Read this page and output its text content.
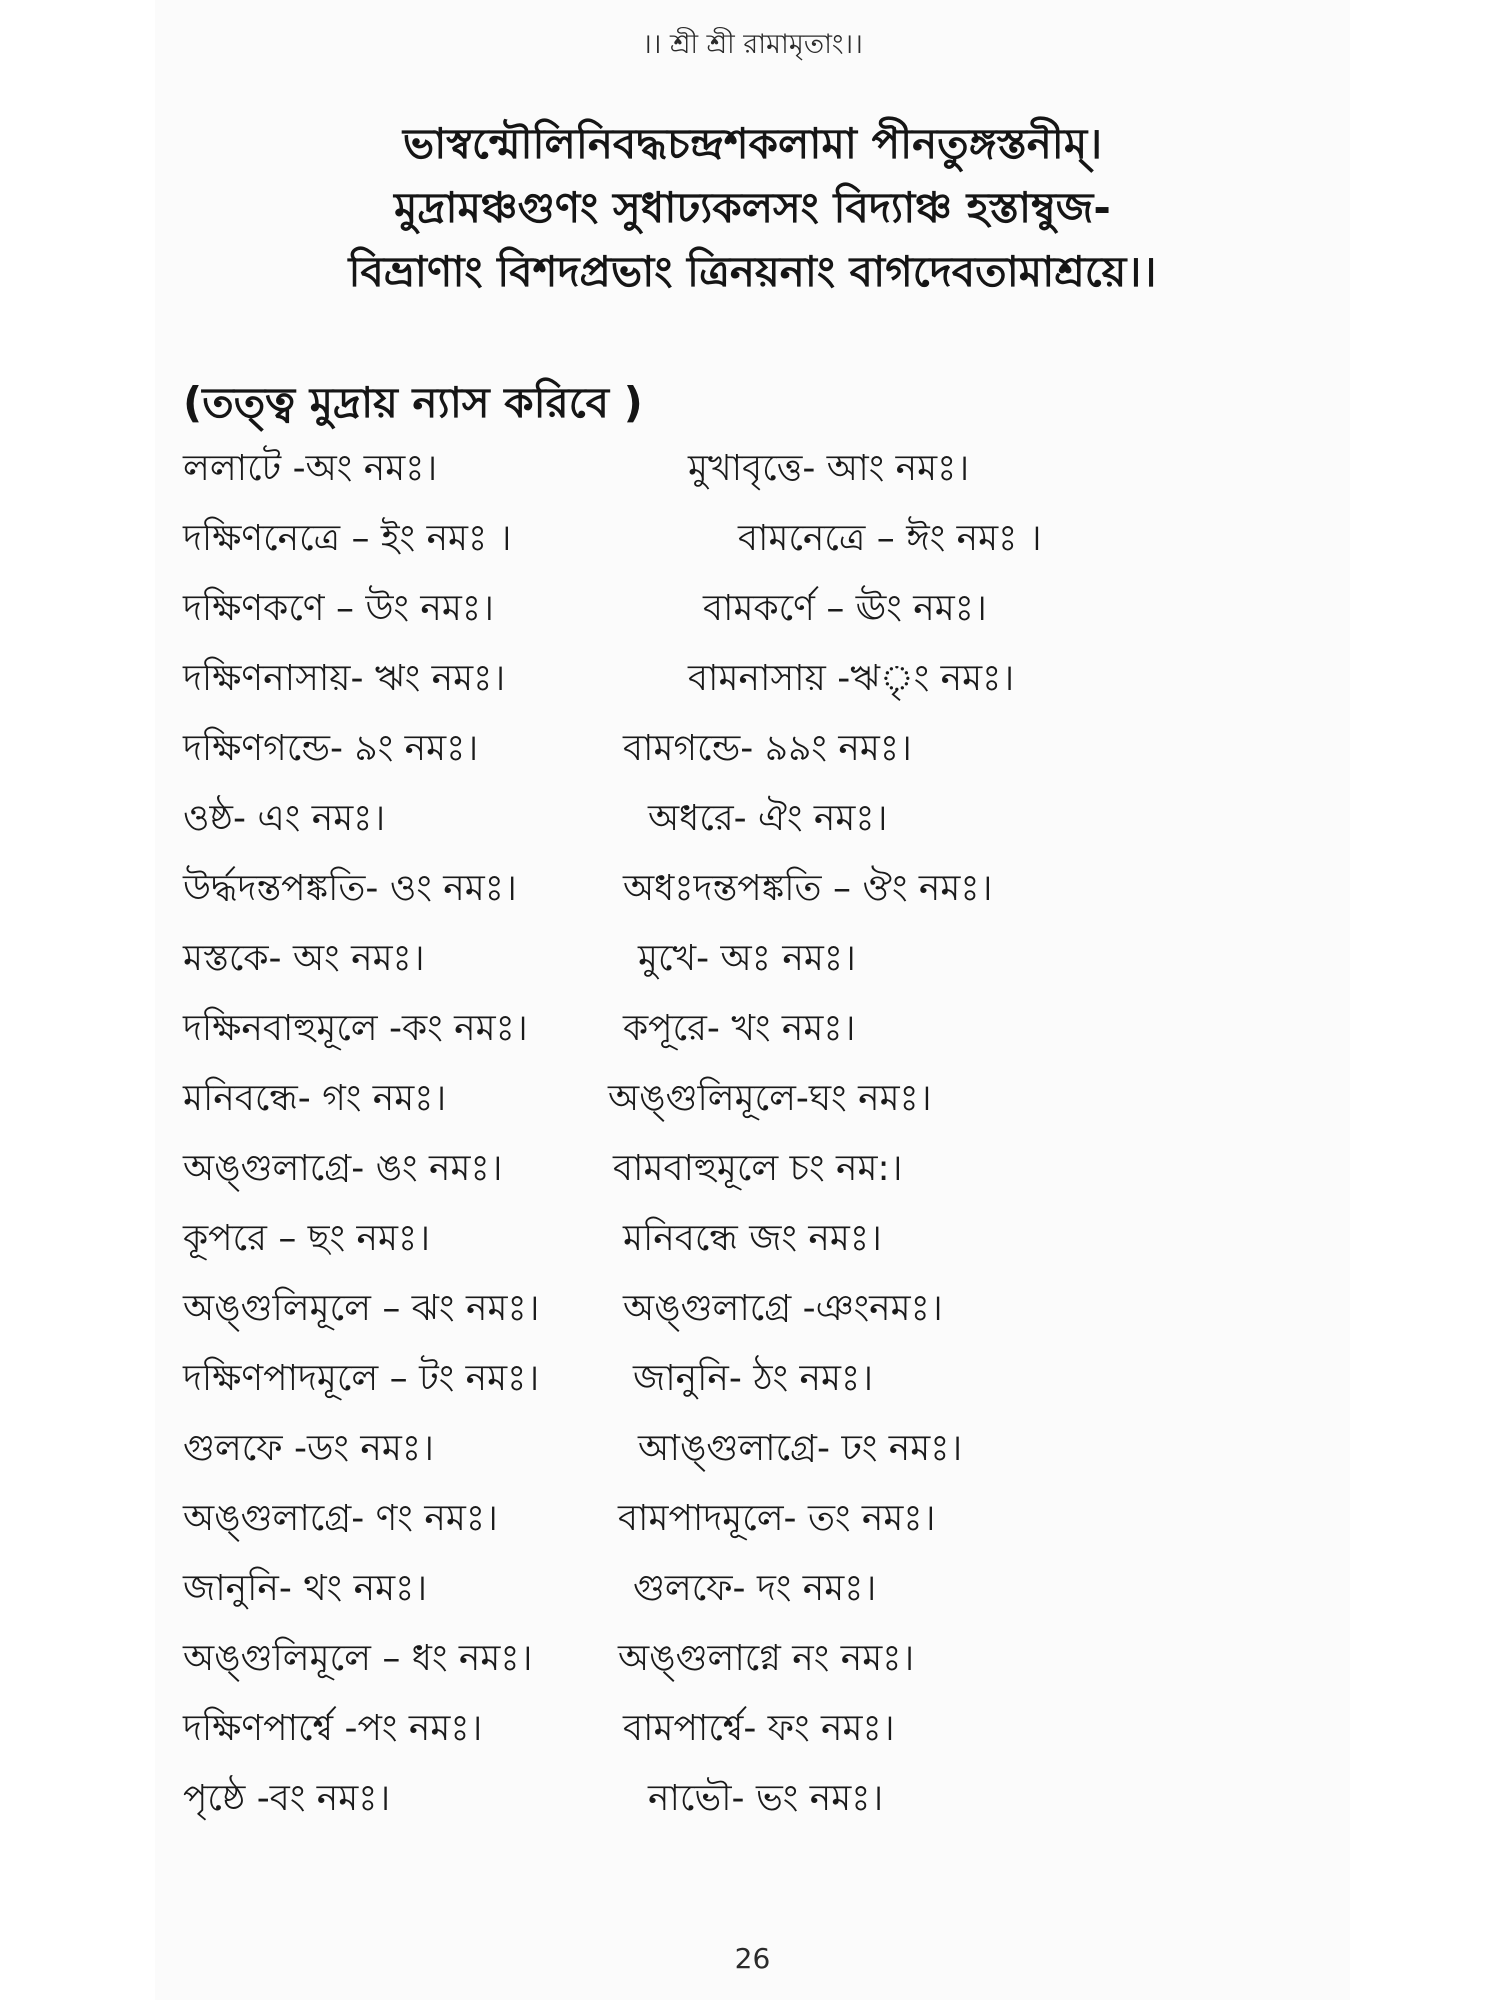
।। শ্রী শ্রী রামামৃতাং।।
ভাস্বন্মৌলিনিবদ্ধচন্দ্রশকলামা পীনতুঙ্গস্তনীম্।
মুদ্রামঞ্চগুণং সুধাঢ্যকলসং বিদ্যাঞ্চ হস্তাম্বুজ-
বিভ্রাণাং বিশদপ্রভাং ত্রিনয়নাং বাগদেবতামাশ্রয়ে।।
(তত্ত্ব মুদ্রায় ন্যাস করিবে )
ললাটে -অং নমঃ।	মুখাবৃত্তে- আং নমঃ।
দক্ষিণনেত্রে – ইং নমঃ ।	বামনেত্রে – ঈং নমঃ ।
দক্ষিণকণে – উং নমঃ।	বামকর্ণে – ঊং নমঃ।
দক্ষিণনাসায়- ঋং নমঃ।	বামনাসায় -ঋৃং নমঃ।
দক্ষিণগন্ডে- ৯ং নমঃ।	বামগন্ডে- ৯৯ং নমঃ।
ওষ্ঠ- এং নমঃ।	অধরে- ঐং নমঃ।
উর্দ্ধদন্তপঙ্কতি- ওং নমঃ।	অধঃদন্তপঙ্কতি – ঔং নমঃ।
মস্তকে- অং নমঃ।	মুখে- অঃ নমঃ।
দক্ষিনবাহুমূলে -কং নমঃ।	কপূরে- খং নমঃ।
মনিবন্ধে- গং নমঃ।	অঙ্গুলিমূলে-ঘং নমঃ।
অঙ্গুলাগ্রে- ঙং নমঃ।	বামবাহুমূলে চং নম:।
কূপরে – ছং নমঃ।	মনিবন্ধে জং নমঃ।
অঙ্গুলিমূলে – ঝং নমঃ। অঙ্গুলাগ্রে -ঞংনমঃ।
দক্ষিণপাদমূলে – টং নমঃ।	জানুনি- ঠং নমঃ।
গুলফে -ডং নমঃ।	আঙ্গুলাগ্রে- ঢং নমঃ।
অঙ্গুলাগ্রে- ণং নমঃ।	বামপাদমূলে- তং নমঃ।
জানুনি- থং নমঃ।	গুলফে- দং নমঃ।
অঙ্গুলিমূলে – ধং নমঃ। অঙ্গুলাগ্নে নং নমঃ।
দক্ষিণপার্শ্বে -পং নমঃ।	বামপার্শ্বে- ফং নমঃ।
পৃষ্ঠে -বং নমঃ।	নাভৌ- ভং নমঃ।
26
